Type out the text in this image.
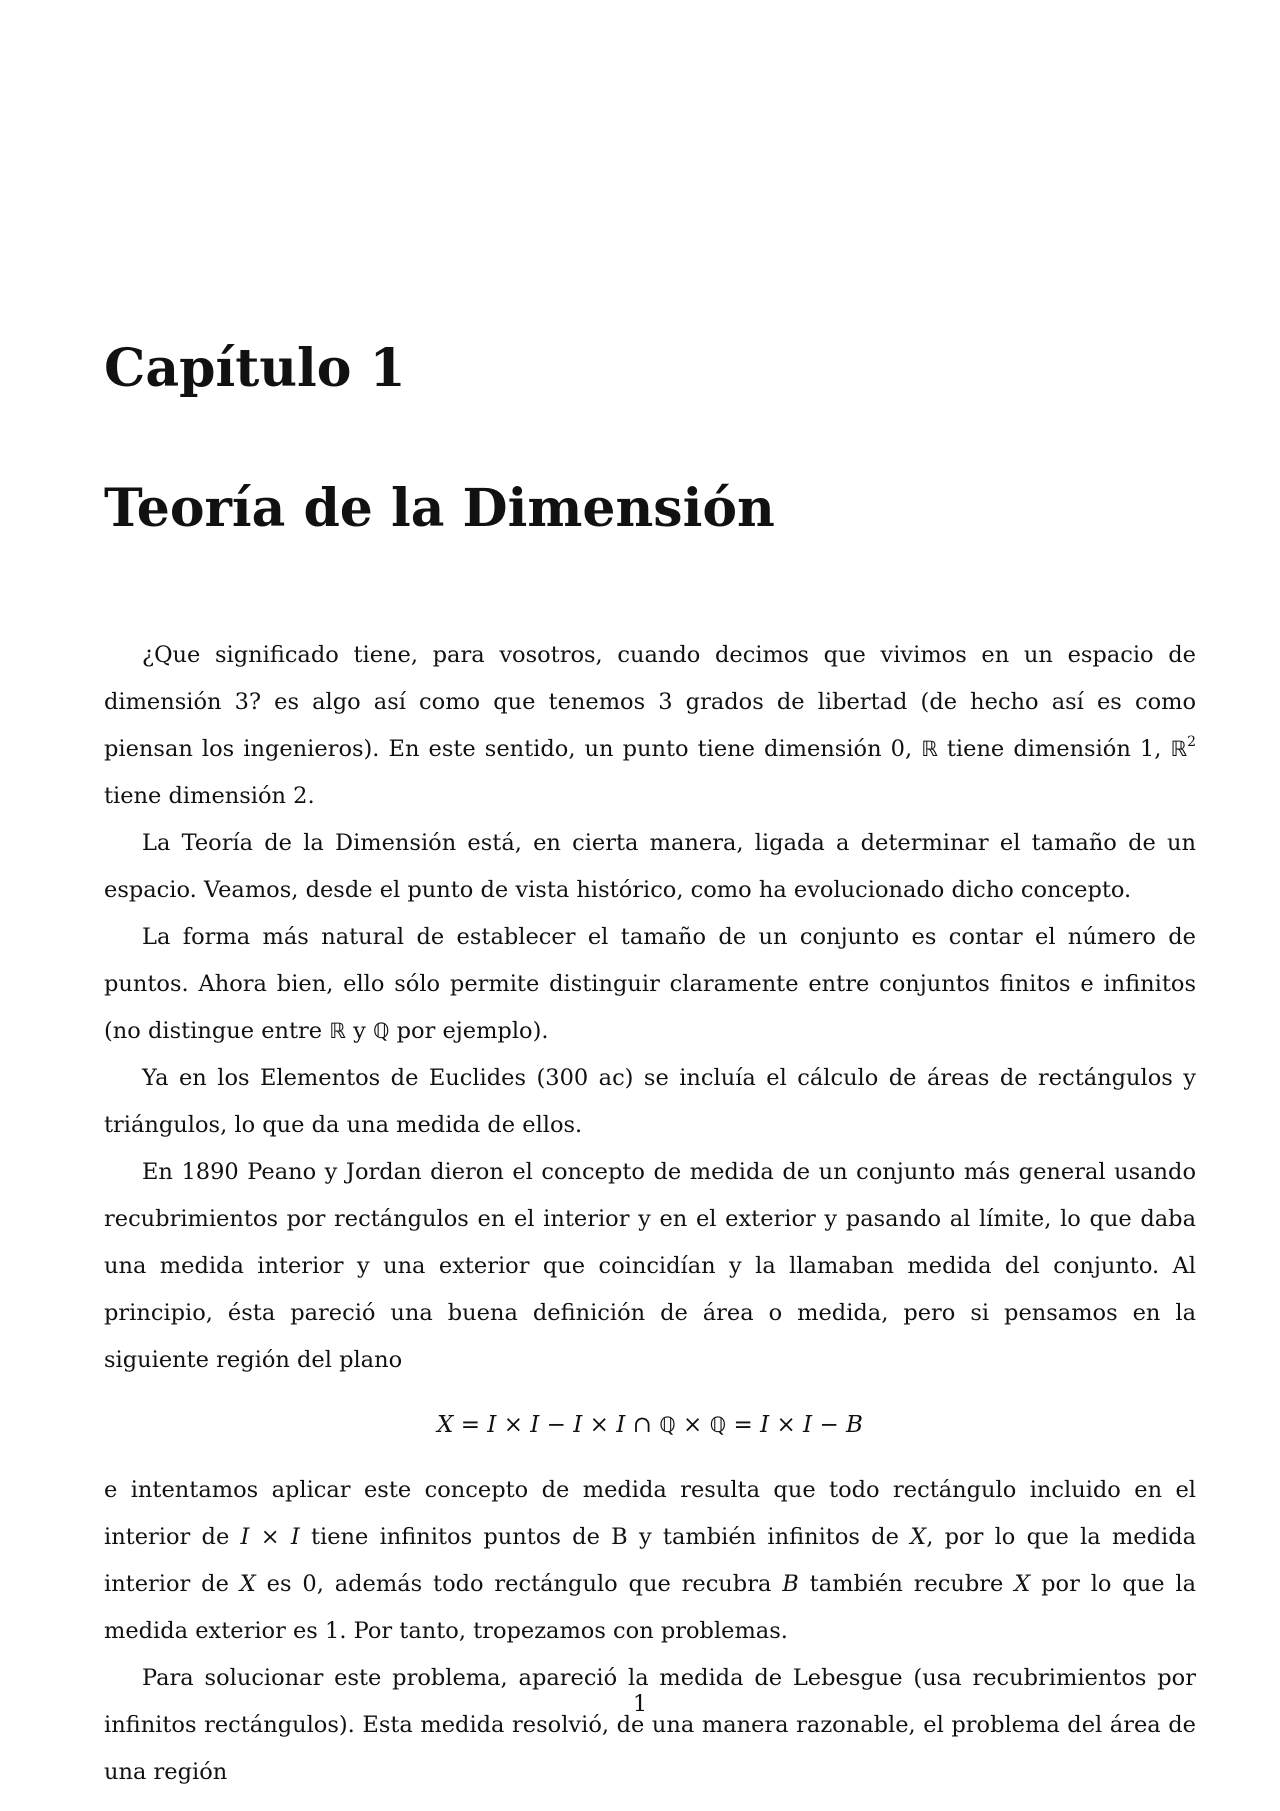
Capítulo 1
Teoría de la Dimensión

¿Que significado tiene, para vosotros, cuando decimos que vivimos en un espacio de dimensión 3? es algo así como que tenemos 3 grados de libertad (de hecho así es como piensan los ingenieros). En este sentido, un punto tiene dimensión 0, ℝ tiene dimensión 1, ℝ$^2$ tiene dimensión 2.

La Teoría de la Dimensión está, en cierta manera, ligada a determinar el tamaño de un espacio. Veamos, desde el punto de vista histórico, como ha evolucionado dicho concepto.

La forma más natural de establecer el tamaño de un conjunto es contar el número de puntos. Ahora bien, ello sólo permite distinguir claramente entre conjuntos finitos e infinitos (no distingue entre ℝ y ℚ por ejemplo).

Ya en los Elementos de Euclides (300 ac) se incluía el cálculo de áreas de rectángulos y triángulos, lo que da una medida de ellos.

En 1890 Peano y Jordan dieron el concepto de medida de un conjunto más general usando recubrimientos por rectángulos en el interior y en el exterior y pasando al límite, lo que daba una medida interior y una exterior que coincidían y la llamaban medida del conjunto. Al principio, ésta pareció una buena definición de área o medida, pero si pensamos en la siguiente región del plano

X = I × I − I × I ∩ ℚ × ℚ = I × I − B

e intentamos aplicar este concepto de medida resulta que todo rectángulo incluido en el interior de I × I tiene infinitos puntos de B y también infinitos de X, por lo que la medida interior de X es 0, además todo rectángulo que recubra B también recubre X por lo que la medida exterior es 1. Por tanto, tropezamos con problemas.

Para solucionar este problema, apareció la medida de Lebesgue (usa recubrimientos por infinitos rectángulos). Esta medida resolvió, de una manera razonable, el problema del área de una región

1
